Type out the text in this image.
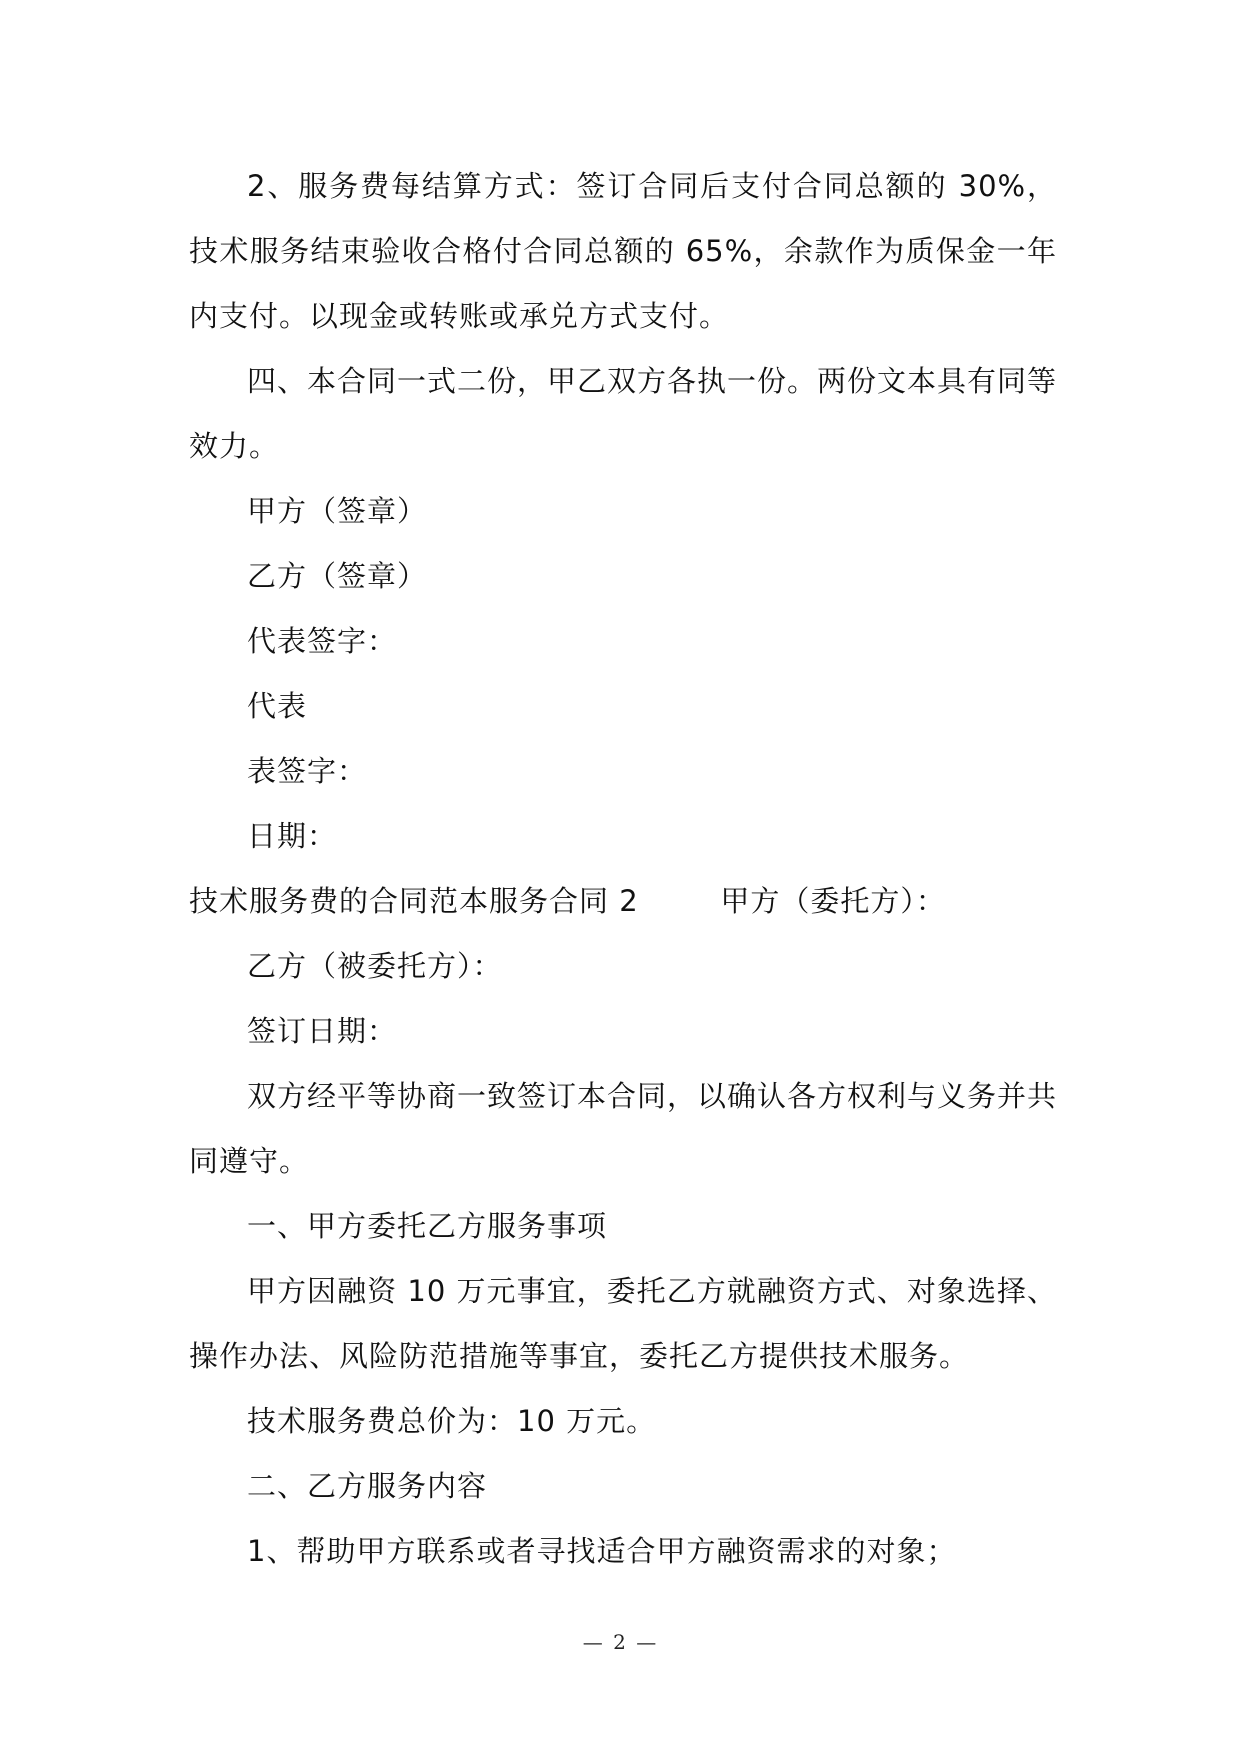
2、服务费每结算方式：签订合同后支付合同总额的 30%，技术服务结束验收合格付合同总额的 65%，余款作为质保金一年内支付。以现金或转账或承兑方式支付。

四、本合同一式二份，甲乙双方各执一份。两份文本具有同等效力。

甲方（签章）

乙方（签章）

代表签字：

代表

表签字：

日期：

技术服务费的合同范本服务合同 2        甲方（委托方）：

乙方（被委托方）：

签订日期：

双方经平等协商一致签订本合同，以确认各方权利与义务并共同遵守。

一、甲方委托乙方服务事项

甲方因融资 10 万元事宜，委托乙方就融资方式、对象选择、操作办法、风险防范措施等事宜，委托乙方提供技术服务。

技术服务费总价为：10 万元。

二、乙方服务内容

1、帮助甲方联系或者寻找适合甲方融资需求的对象；

— 2 —
